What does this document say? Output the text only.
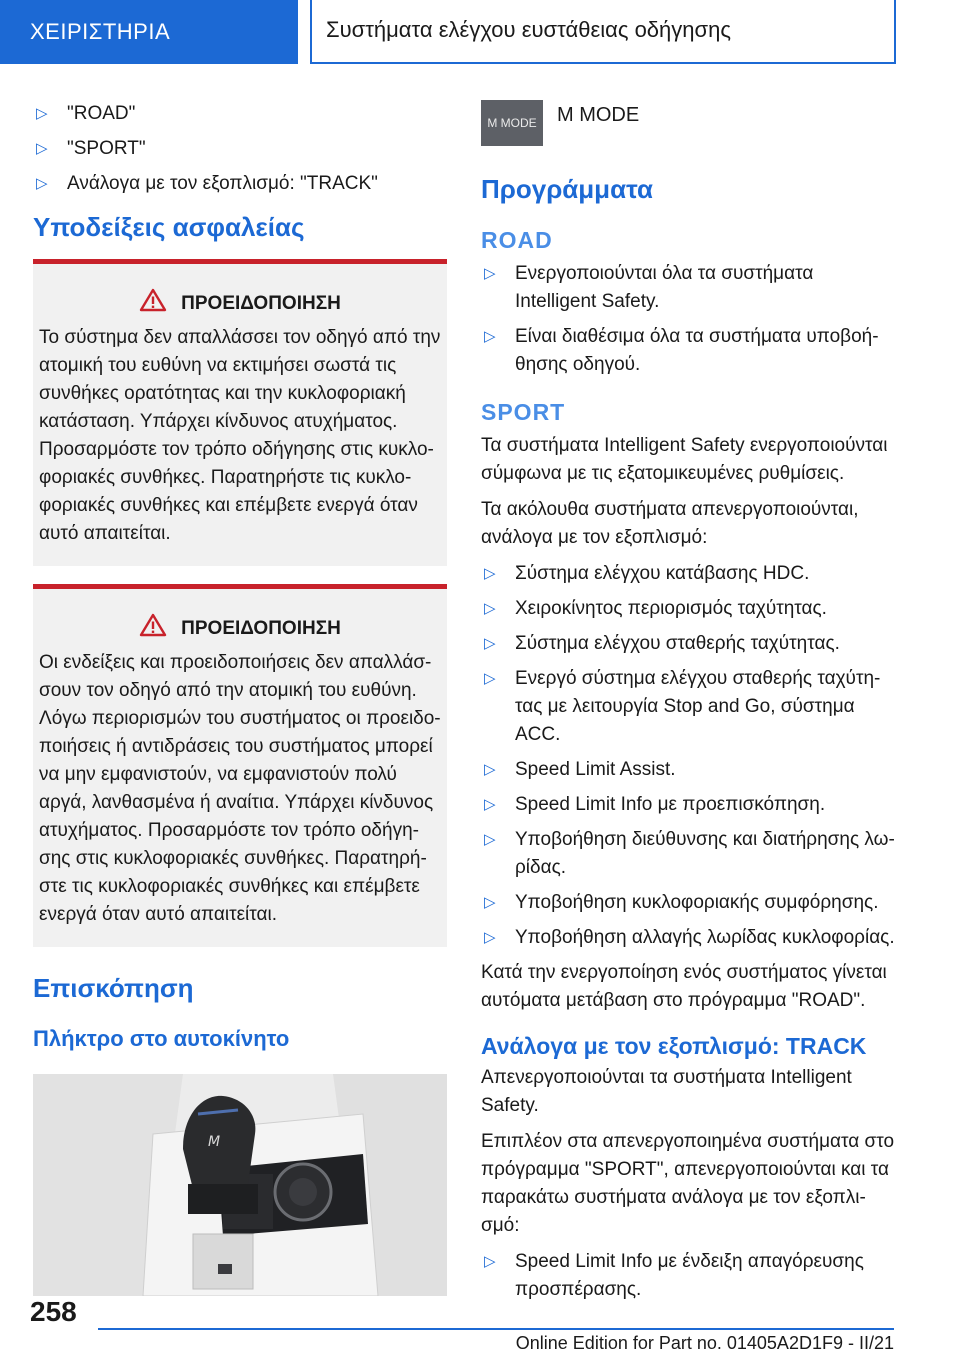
ΧΕΙΡΙΣΤΗΡΙΑ	Συστήματα ελέγχου ευστάθειας οδήγησης
▷ "ROAD"
▷ "SPORT"
▷ Ανάλογα με τον εξοπλισμό: "TRACK"
Υποδείξεις ασφαλείας
ΠΡΟΕΙΔΟΠΟΙΗΣΗ
Το σύστημα δεν απαλλάσσει τον οδηγό από την
ατομική του ευθύνη να εκτιμήσει σωστά τις
συνθήκες ορατότητας και την κυκλοφοριακή
κατάσταση. Υπάρχει κίνδυνος ατυχήματος.
Προσαρμόστε τον τρόπο οδήγησης στις κυκλο-
φοριακές συνθήκες. Παρατηρήστε τις κυκλο-
φοριακές συνθήκες και επέμβετε ενεργά όταν
αυτό απαιτείται.
ΠΡΟΕΙΔΟΠΟΙΗΣΗ
Οι ενδείξεις και προειδοποιήσεις δεν απαλλάσ-
σουν τον οδηγό από την ατομική του ευθύνη.
Λόγω περιορισμών του συστήματος οι προειδο-
ποιήσεις ή αντιδράσεις του συστήματος μπορεί
να μην εμφανιστούν, να εμφανιστούν πολύ
αργά, λανθασμένα ή αναίτια. Υπάρχει κίνδυνος
ατυχήματος. Προσαρμόστε τον τρόπο οδήγη-
σης στις κυκλοφοριακές συνθήκες. Παρατηρή-
στε τις κυκλοφοριακές συνθήκες και επέμβετε
ενεργά όταν αυτό απαιτείται.
Επισκόπηση
Πλήκτρο στο αυτοκίνητο
M
M MODE	M MODE
Προγράμματα
ROAD
▷ Ενεργοποιούνται όλα τα συστήματα
Intelligent Safety.
▷ Είναι διαθέσιμα όλα τα συστήματα υποβοή-
θησης οδηγού.
SPORT
Τα συστήματα Intelligent Safety ενεργοποιούνται
σύμφωνα με τις εξατομικευμένες ρυθμίσεις.
Τα ακόλουθα συστήματα απενεργοποιούνται,
ανάλογα με τον εξοπλισμό:
▷ Σύστημα ελέγχου κατάβασης HDC.
▷ Χειροκίνητος περιορισμός ταχύτητας.
▷ Σύστημα ελέγχου σταθερής ταχύτητας.
▷ Ενεργό σύστημα ελέγχου σταθερής ταχύτη-
τας με λειτουργία Stop and Go, σύστημα
ACC.
▷ Speed Limit Assist.
▷ Speed Limit Info με προεπισκόπηση.
▷ Υποβοήθηση διεύθυνσης και διατήρησης λω-
ρίδας.
▷ Υποβοήθηση κυκλοφοριακής συμφόρησης.
▷ Υποβοήθηση αλλαγής λωρίδας κυκλοφορίας.
Κατά την ενεργοποίηση ενός συστήματος γίνεται
αυτόματα μετάβαση στο πρόγραμμα "ROAD".
Ανάλογα με τον εξοπλισμό: TRACK
Απενεργοποιούνται τα συστήματα Intelligent
Safety.
Επιπλέον στα απενεργοποιημένα συστήματα στο
πρόγραμμα "SPORT", απενεργοποιούνται και τα
παρακάτω συστήματα ανάλογα με τον εξοπλι-
σμό:
▷ Speed Limit Info με ένδειξη απαγόρευσης
προσπέρασης.
258
Online Edition for Part no. 01405A2D1F9 - II/21
